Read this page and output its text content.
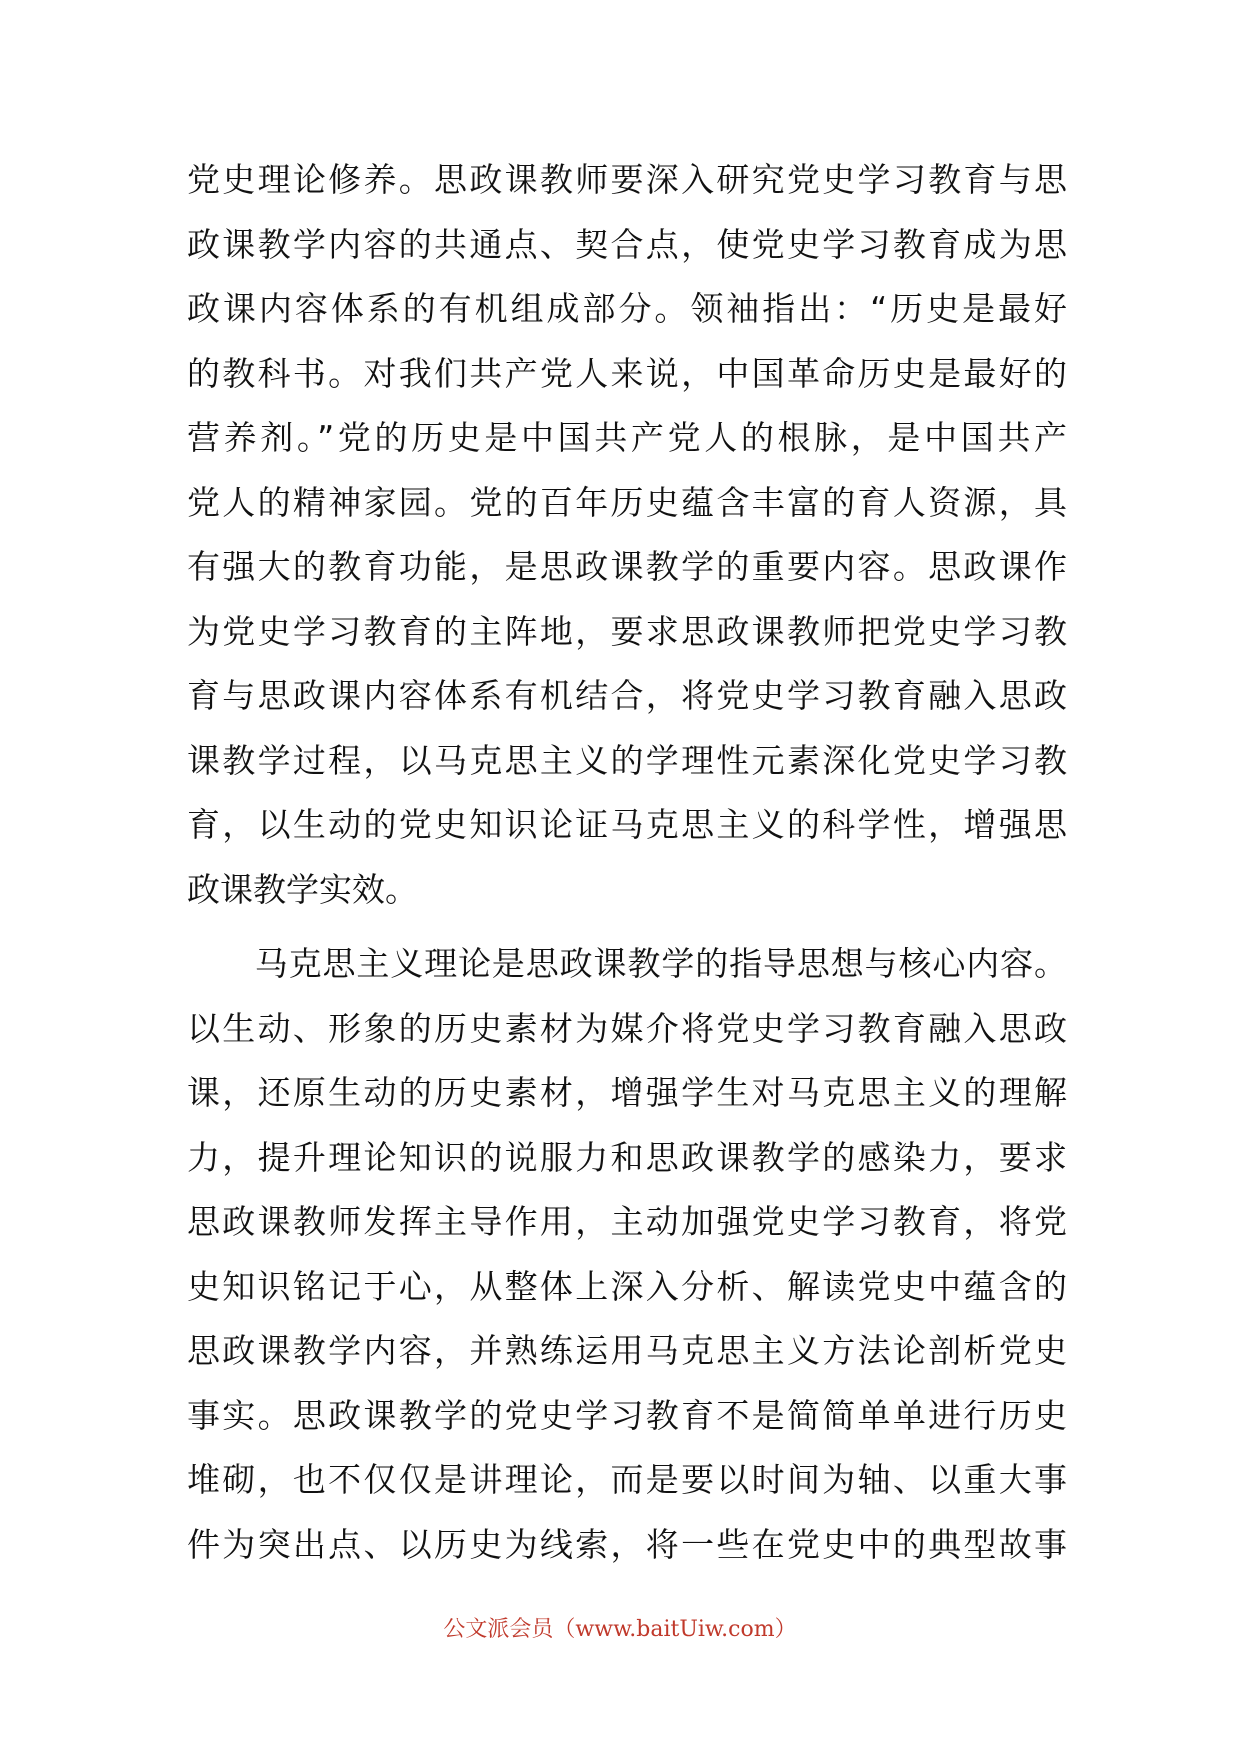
党史理论修养。思政课教师要深入研究党史学习教育与思
政课教学内容的共通点、契合点，使党史学习教育成为思
政课内容体系的有机组成部分。领袖指出：“历史是最好
的教科书。对我们共产党人来说，中国革命历史是最好的
营养剂。”党的历史是中国共产党人的根脉，是中国共产
党人的精神家园。党的百年历史蕴含丰富的育人资源，具
有强大的教育功能，是思政课教学的重要内容。思政课作
为党史学习教育的主阵地，要求思政课教师把党史学习教
育与思政课内容体系有机结合，将党史学习教育融入思政
课教学过程，以马克思主义的学理性元素深化党史学习教
育，以生动的党史知识论证马克思主义的科学性，增强思
政课教学实效。
　　马克思主义理论是思政课教学的指导思想与核心内容。
以生动、形象的历史素材为媒介将党史学习教育融入思政
课，还原生动的历史素材，增强学生对马克思主义的理解
力，提升理论知识的说服力和思政课教学的感染力，要求
思政课教师发挥主导作用，主动加强党史学习教育，将党
史知识铭记于心，从整体上深入分析、解读党史中蕴含的
思政课教学内容，并熟练运用马克思主义方法论剖析党史
事实。思政课教学的党史学习教育不是简简单单进行历史
堆砌，也不仅仅是讲理论，而是要以时间为轴、以重大事
件为突出点、以历史为线索，将一些在党史中的典型故事
公文派会员（www.baitUiw.com）
